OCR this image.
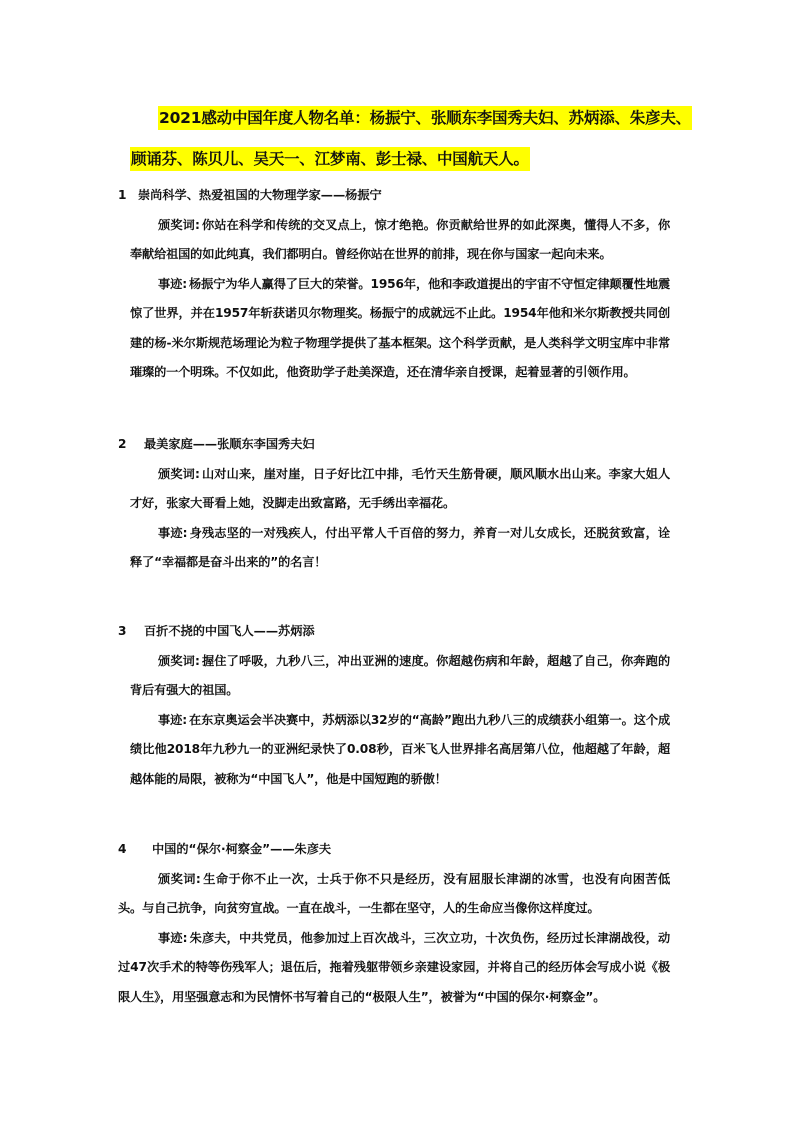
2021感动中国年度人物名单：杨振宁、张顺东李国秀夫妇、苏炳添、朱彦夫、
顾诵芬、陈贝儿、吴天一、江梦南、彭士禄、中国航天人。
1 崇尚科学、热爱祖国的大物理学家——杨振宁

颁奖词: 你站在科学和传统的交叉点上，惊才绝艳。你贡献给世界的如此深奥，懂得人不多，你奉献给祖国的如此纯真，我们都明白。曾经你站在世界的前排，现在你与国家一起向未来。

事迹: 杨振宁为华人赢得了巨大的荣誉。1956年，他和李政道提出的宇宙不守恒定律颠覆性地震惊了世界，并在1957年斩获诺贝尔物理奖。杨振宁的成就远不止此。1954年他和米尔斯教授共同创建的杨-米尔斯规范场理论为粒子物理学提供了基本框架。这个科学贡献，是人类科学文明宝库中非常璀璨的一个明珠。不仅如此，他资助学子赴美深造，还在清华亲自授课，起着显著的引领作用。

2	最美家庭——张顺东李国秀夫妇

颁奖词: 山对山来，崖对崖，日子好比江中排，毛竹天生筋骨硬，顺风顺水出山来。李家大姐人才好，张家大哥看上她，没脚走出致富路，无手绣出幸福花。

事迹: 身残志坚的一对残疾人，付出平常人千百倍的努力，养育一对儿女成长，还脱贫致富，诠释了“幸福都是奋斗出来的”的名言！

3	百折不挠的中国飞人——苏炳添

颁奖词: 握住了呼吸，九秒八三，冲出亚洲的速度。你超越伤病和年龄，超越了自己，你奔跑的背后有强大的祖国。

事迹: 在东京奥运会半决赛中，苏炳添以32岁的“高龄”跑出九秒八三的成绩获小组第一。这个成绩比他2018年九秒九一的亚洲纪录快了0.08秒，百米飞人世界排名高居第八位，他超越了年龄，超越体能的局限，被称为“中国飞人”，他是中国短跑的骄傲！

4	中国的“保尔·柯察金”——朱彦夫

颁奖词: 生命于你不止一次，士兵于你不只是经历，没有屈服长津湖的冰雪，也没有向困苦低头。与自己抗争，向贫穷宣战。一直在战斗，一生都在坚守，人的生命应当像你这样度过。

事迹: 朱彦夫，中共党员，他参加过上百次战斗，三次立功，十次负伤，经历过长津湖战役，动过47次手术的特等伤残军人；退伍后，拖着残躯带领乡亲建设家园，并将自己的经历体会写成小说《极限人生》，用坚强意志和为民情怀书写着自己的“极限人生”，被誉为“中国的保尔·柯察金”。
